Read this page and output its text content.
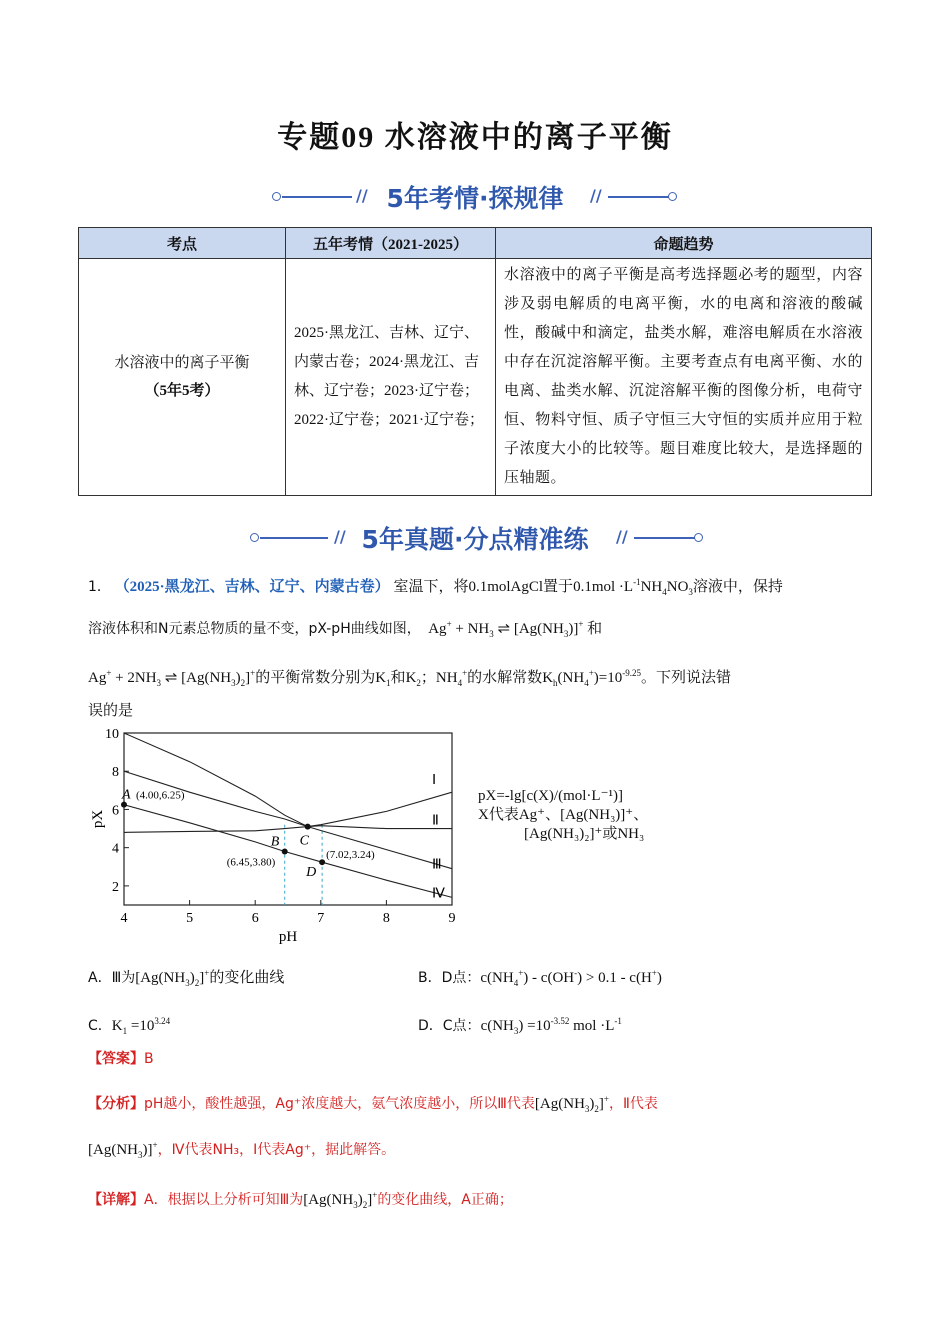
专题09 水溶液中的离子平衡
// 5年考情·探规律	//
考点	五年考情（2021-2025）	命题趋势

水溶液中的离子平衡
（5年5考）	2025·黑龙江、吉林、辽宁、内蒙古卷；2024·黑龙江、吉林、辽宁卷；2023·辽宁卷；2022·辽宁卷；2021·辽宁卷；	水溶液中的离子平衡是高考选择题必考的题型，内容涉及弱电解质的电离平衡，水的电离和溶液的酸碱性，酸碱中和滴定，盐类水解，难溶电解质在水溶液中存在沉淀溶解平衡。主要考查点有电离平衡、水的电离、盐类水解、沉淀溶解平衡的图像分析，电荷守恒、物料守恒、质子守恒三大守恒的实质并应用于粒子浓度大小的比较等。题目难度比较大，是选择题的压轴题。
// 5年真题·分点精准练	//
1． （2025·黑龙江、吉林、辽宁、内蒙古卷） 室温下，将0.1molAgCl置于$0.1mol \cdot L^{-1}NH_4NO_3$溶液中，保持
溶液体积和N元素总物质的量不变，pX-pH曲线如图，  $Ag^+ + NH_3$ ⇌ $[Ag(NH_3)]^+$ 和
$Ag^+ + 2NH_3$ ⇌ $[Ag(NH_3)_2]^+$的平衡常数分别为$K_1$和$K_2$；$NH_4^+$的水解常数$K_h(NH_4^+)=10^{-9.25}$。下列说法错
误的是
4	5	6	7	8	9
2
4
6
8
10
pH
pX
Ⅰ
Ⅱ
Ⅲ
Ⅳ
A (4.00,6.25)
B
(6.45,3.80)
C
D
(7.02,3.24)
pX=-lg[c(X)/(mol·L⁻¹)]
X代表Ag⁺、[Ag(NH₃)]⁺、
[Ag(NH₃)₂]⁺或NH₃
A．Ⅲ为$[Ag(NH_3)_2]^+$的变化曲线	B．D点：$c(NH_4^+) - c(OH^-) > 0.1 - c(H^+)$
C．$K_1 =10^{3.24}$	D．C点：$c(NH_3) =10^{-3.52}$ mol $\cdot L^{-1}$
【答案】B
【分析】pH越小，酸性越强，Ag⁺浓度越大，氨气浓度越小，所以Ⅲ代表$[Ag(NH_3)_2]^+$，Ⅱ代表
$[Ag(NH_3)]^+$，Ⅳ代表NH₃，Ⅰ代表Ag⁺，据此解答。
【详解】A．根据以上分析可知Ⅲ为$[Ag(NH_3)_2]^+$的变化曲线，A正确；
